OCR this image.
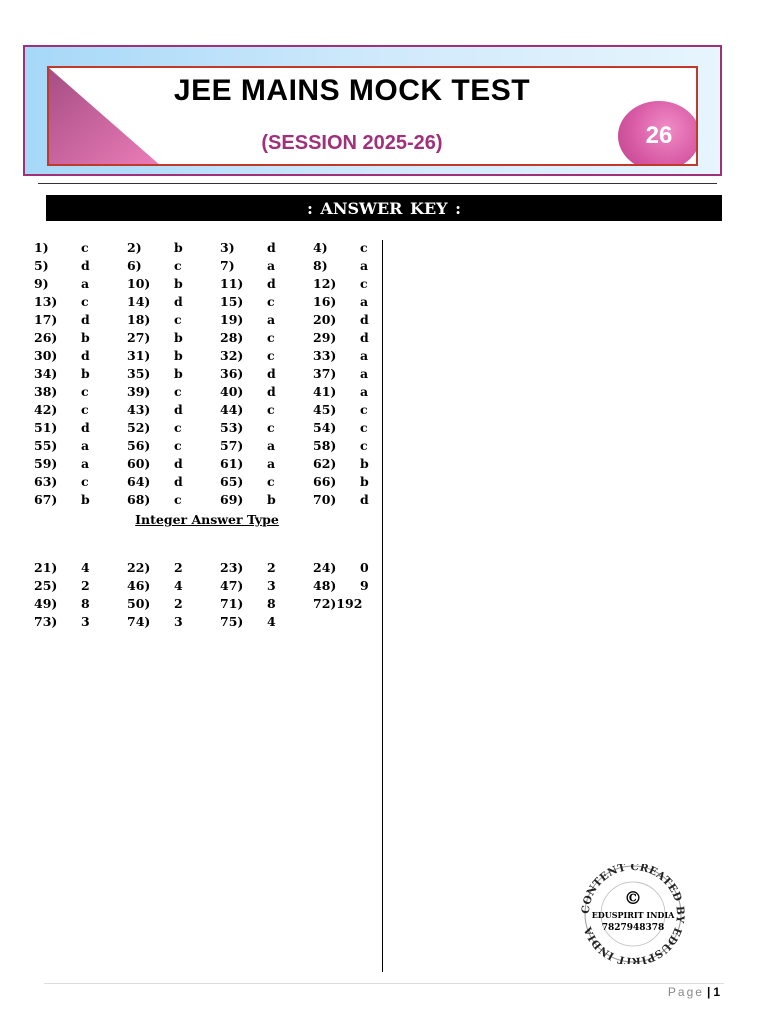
JEE MAINS MOCK TEST
(SESSION 2025-26)	26
: ANSWER KEY :
1)	c	2)	b	3)	d	4)	c
5)	d	6)	c	7)	a	8)	a
9)	a	10) b	11) d	12) c
13) c	14) d	15) c	16) a
17) d	18) c	19) a	20) d
26) b	27) b	28) c	29) d
30) d	31) b	32) c	33) a
34) b	35) b	36) d	37) a
38) c	39) c	40) d	41) a
42) c	43) d	44) c	45) c
51) d	52) c	53) c	54) c
55) a	56) c	57) a	58) c
59) a	60) d	61) a	62) b
63) c	64) d	65) c	66) b
67) b	68) c	69) b	70) d
Integer Answer Type
21) 4	22) 2	23) 2	24) 0
25) 2	46) 4	47) 3	48) 9
49) 8	50) 2	71) 8	72)192
73) 3	74) 3	75) 4
CONTENT CREATED BY EDUSPIRIT INDIA
©
EDUSPIRIT INDIA
7827948378
Page | 1
